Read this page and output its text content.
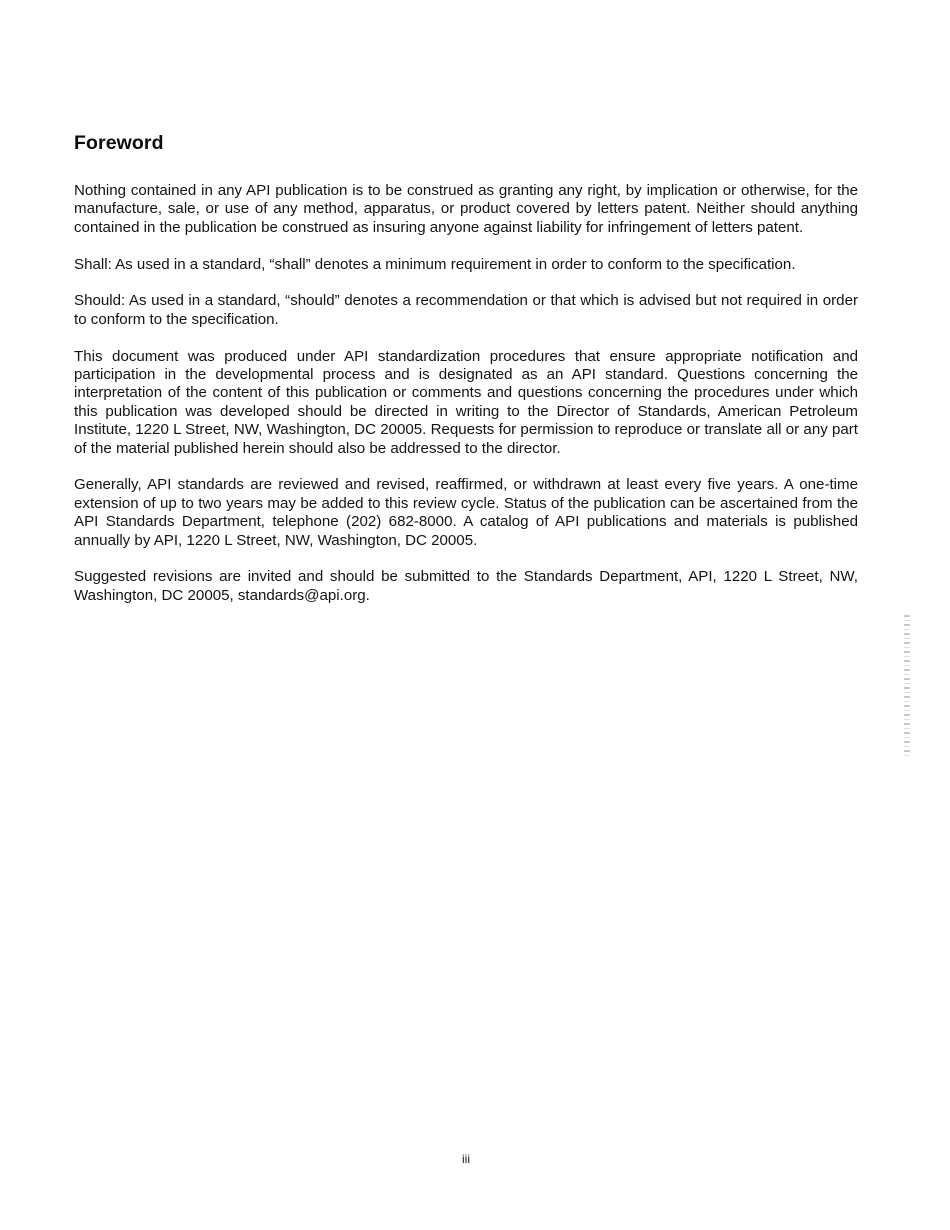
Foreword

Nothing contained in any API publication is to be construed as granting any right, by implication or otherwise, for the manufacture, sale, or use of any method, apparatus, or product covered by letters patent. Neither should anything contained in the publication be construed as insuring anyone against liability for infringement of letters patent.

Shall: As used in a standard, “shall” denotes a minimum requirement in order to conform to the specification.

Should: As used in a standard, “should” denotes a recommendation or that which is advised but not required in order to conform to the specification.

This document was produced under API standardization procedures that ensure appropriate notification and participation in the developmental process and is designated as an API standard. Questions concerning the interpretation of the content of this publication or comments and questions concerning the procedures under which this publication was developed should be directed in writing to the Director of Standards, American Petroleum Institute, 1220 L Street, NW, Washington, DC 20005. Requests for permission to reproduce or translate all or any part of the material published herein should also be addressed to the director.

Generally, API standards are reviewed and revised, reaffirmed, or withdrawn at least every five years. A one-time extension of up to two years may be added to this review cycle. Status of the publication can be ascertained from the API Standards Department, telephone (202) 682-8000. A catalog of API publications and materials is published annually by API, 1220 L Street, NW, Washington, DC 20005.

Suggested revisions are invited and should be submitted to the Standards Department, API, 1220 L Street, NW, Washington, DC 20005, standards@api.org.

iii
